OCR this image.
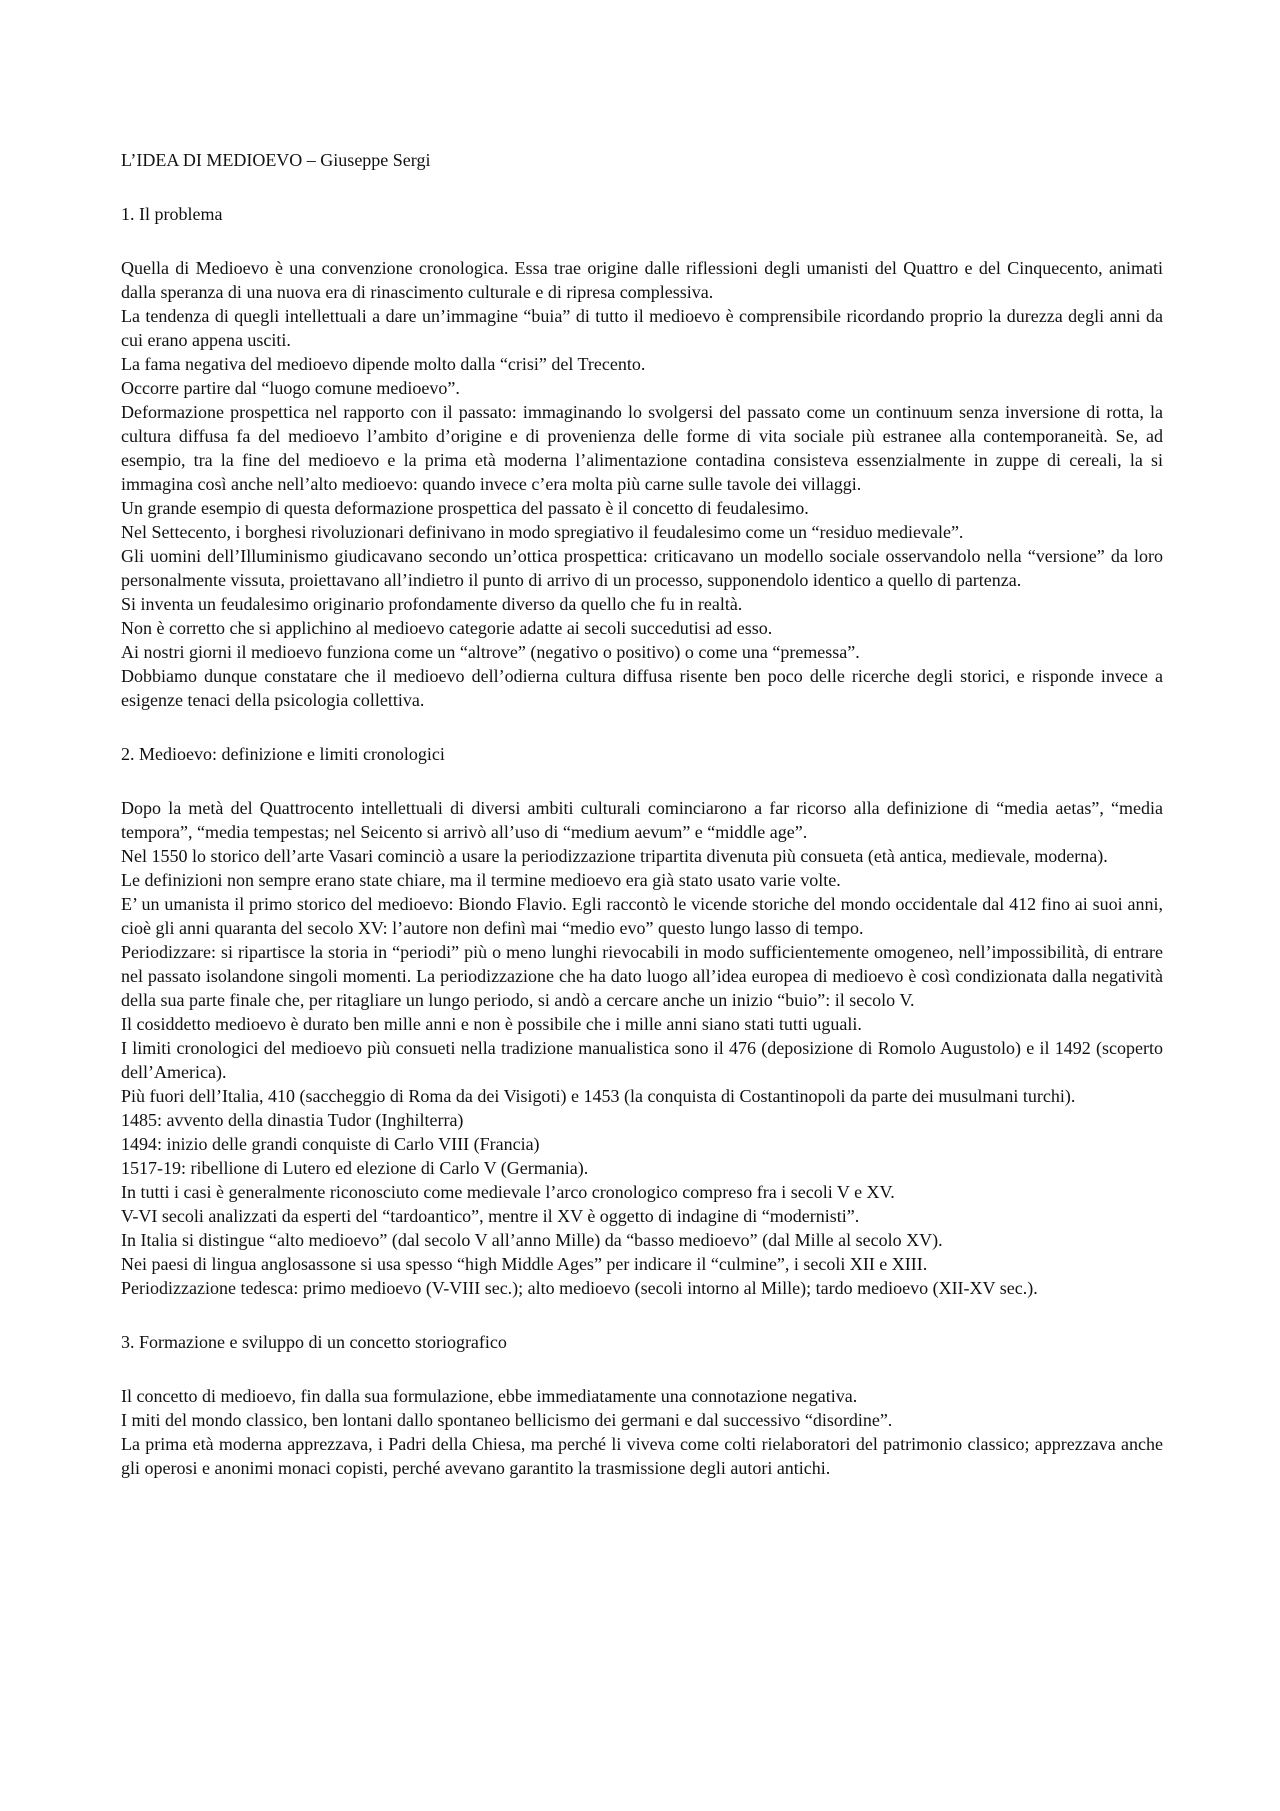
L’IDEA DI MEDIOEVO – Giuseppe Sergi

1. Il problema

Quella di Medioevo è una convenzione cronologica. Essa trae origine dalle riflessioni degli umanisti del Quattro e del Cinquecento, animati dalla speranza di una nuova era di rinascimento culturale e di ripresa complessiva.

La tendenza di quegli intellettuali a dare un’immagine “buia” di tutto il medioevo è comprensibile ricordando proprio la durezza degli anni da cui erano appena usciti.

La fama negativa del medioevo dipende molto dalla “crisi” del Trecento.

Occorre partire dal “luogo comune medioevo”.

Deformazione prospettica nel rapporto con il passato: immaginando lo svolgersi del passato come un continuum senza inversione di rotta, la cultura diffusa fa del medioevo l’ambito d’origine e di provenienza delle forme di vita sociale più estranee alla contemporaneità. Se, ad esempio, tra la fine del medioevo e la prima età moderna l’alimentazione contadina consisteva essenzialmente in zuppe di cereali, la si immagina così anche nell’alto medioevo: quando invece c’era molta più carne sulle tavole dei villaggi.

Un grande esempio di questa deformazione prospettica del passato è il concetto di feudalesimo.

Nel Settecento, i borghesi rivoluzionari definivano in modo spregiativo il feudalesimo come un “residuo medievale”.

Gli uomini dell’Illuminismo giudicavano secondo un’ottica prospettica: criticavano un modello sociale osservandolo nella “versione” da loro personalmente vissuta, proiettavano all’indietro il punto di arrivo di un processo, supponendolo identico a quello di partenza.

Si inventa un feudalesimo originario profondamente diverso da quello che fu in realtà.

Non è corretto che si applichino al medioevo categorie adatte ai secoli succedutisi ad esso.

Ai nostri giorni il medioevo funziona come un “altrove” (negativo o positivo) o come una “premessa”.

Dobbiamo dunque constatare che il medioevo dell’odierna cultura diffusa risente ben poco delle ricerche degli storici, e risponde invece a esigenze tenaci della psicologia collettiva.

2. Medioevo: definizione e limiti cronologici

Dopo la metà del Quattrocento intellettuali di diversi ambiti culturali cominciarono a far ricorso alla definizione di “media aetas”, “media tempora”, “media tempestas; nel Seicento si arrivò all’uso di “medium aevum” e “middle age”.

Nel 1550 lo storico dell’arte Vasari cominciò a usare la periodizzazione tripartita divenuta più consueta (età antica, medievale, moderna).

Le definizioni non sempre erano state chiare, ma il termine medioevo era già stato usato varie volte.

E’ un umanista il primo storico del medioevo: Biondo Flavio. Egli raccontò le vicende storiche del mondo occidentale dal 412 fino ai suoi anni, cioè gli anni quaranta del secolo XV: l’autore non definì mai “medio evo” questo lungo lasso di tempo.

Periodizzare: si ripartisce la storia in “periodi” più o meno lunghi rievocabili in modo sufficientemente omogeneo, nell’impossibilità, di entrare nel passato isolandone singoli momenti. La periodizzazione che ha dato luogo all’idea europea di medioevo è così condizionata dalla negatività della sua parte finale che, per ritagliare un lungo periodo, si andò a cercare anche un inizio “buio”: il secolo V.

Il cosiddetto medioevo è durato ben mille anni e non è possibile che i mille anni siano stati tutti uguali.

I limiti cronologici del medioevo più consueti nella tradizione manualistica sono il 476 (deposizione di Romolo Augustolo) e il 1492 (scoperto dell’America).

Più fuori dell’Italia, 410 (saccheggio di Roma da dei Visigoti) e 1453 (la conquista di Costantinopoli da parte dei musulmani turchi).

1485: avvento della dinastia Tudor (Inghilterra)

1494: inizio delle grandi conquiste di Carlo VIII (Francia)

1517-19: ribellione di Lutero ed elezione di Carlo V (Germania).

In tutti i casi è generalmente riconosciuto come medievale l’arco cronologico compreso fra i secoli V e XV.

V-VI secoli analizzati da esperti del “tardoantico”, mentre il XV è oggetto di indagine di “modernisti”.

In Italia si distingue “alto medioevo” (dal secolo V all’anno Mille) da “basso medioevo” (dal Mille al secolo XV).

Nei paesi di lingua anglosassone si usa spesso “high Middle Ages” per indicare il “culmine”, i secoli XII e XIII.

Periodizzazione tedesca: primo medioevo (V-VIII sec.); alto medioevo (secoli intorno al Mille); tardo medioevo (XII-XV sec.).

3. Formazione e sviluppo di un concetto storiografico

Il concetto di medioevo, fin dalla sua formulazione, ebbe immediatamente una connotazione negativa.

I miti del mondo classico, ben lontani dallo spontaneo bellicismo dei germani e dal successivo “disordine”.

La prima età moderna apprezzava, i Padri della Chiesa, ma perché li viveva come colti rielaboratori del patrimonio classico; apprezzava anche gli operosi e anonimi monaci copisti, perché avevano garantito la trasmissione degli autori antichi.
